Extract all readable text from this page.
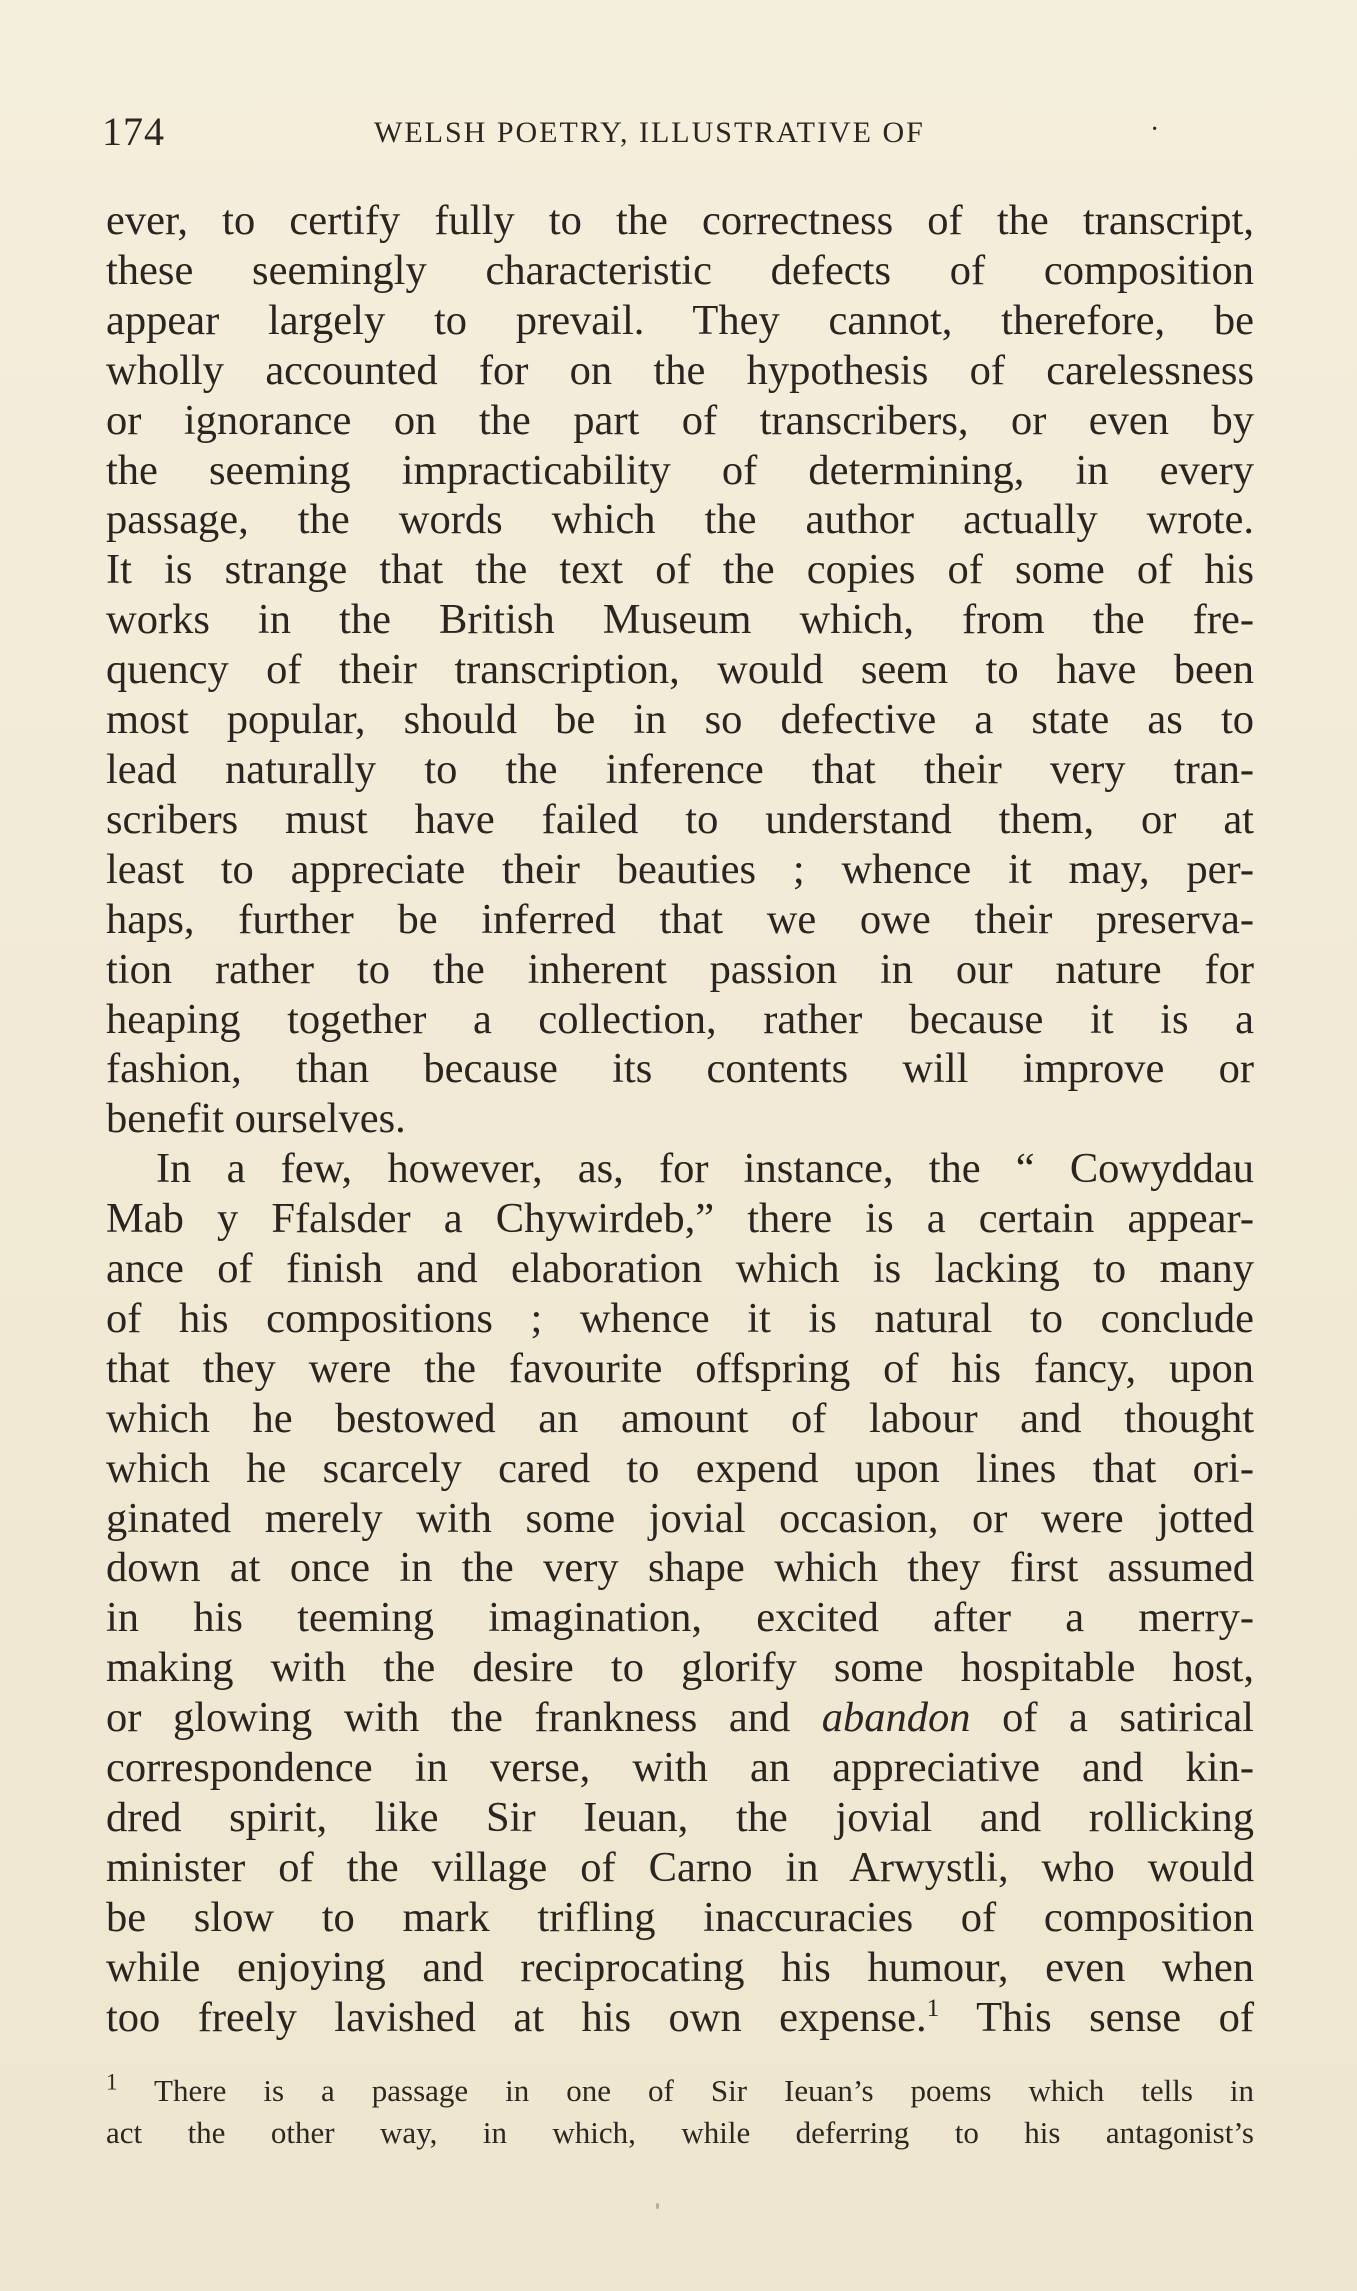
174	WELSH POETRY, ILLUSTRATIVE OF	·

ever, to certify fully to the correctness of the transcript,
these seemingly characteristic defects of composition
appear largely to prevail. They cannot, therefore, be
wholly accounted for on the hypothesis of carelessness
or ignorance on the part of transcribers, or even by
the seeming impracticability of determining, in every
passage, the words which the author actually wrote.
It is strange that the text of the copies of some of his
works in the British Museum which, from the fre-
quency of their transcription, would seem to have been
most popular, should be in so defective a state as to
lead naturally to the inference that their very tran-
scribers must have failed to understand them, or at
least to appreciate their beauties ; whence it may, per-
haps, further be inferred that we owe their preserva-
tion rather to the inherent passion in our nature for
heaping together a collection, rather because it is a
fashion, than because its contents will improve or
benefit ourselves.

In a few, however, as, for instance, the “ Cowyddau
Mab y Ffalsder a Chywirdeb,” there is a certain appear-
ance of finish and elaboration which is lacking to many
of his compositions ; whence it is natural to conclude
that they were the favourite offspring of his fancy, upon
which he bestowed an amount of labour and thought
which he scarcely cared to expend upon lines that ori-
ginated merely with some jovial occasion, or were jotted
down at once in the very shape which they first assumed
in his teeming imagination, excited after a merry-
making with the desire to glorify some hospitable host,
or glowing with the frankness and abandon of a satirical
correspondence in verse, with an appreciative and kin-
dred spirit, like Sir Ieuan, the jovial and rollicking
minister of the village of Carno in Arwystli, who would
be slow to mark trifling inaccuracies of composition
while enjoying and reciprocating his humour, even when
too freely lavished at his own expense.$^1$ This sense of

$^1$ There is a passage in one of Sir Ieuan’s poems which tells in
act the other way, in which, while deferring to his antagonist’s
